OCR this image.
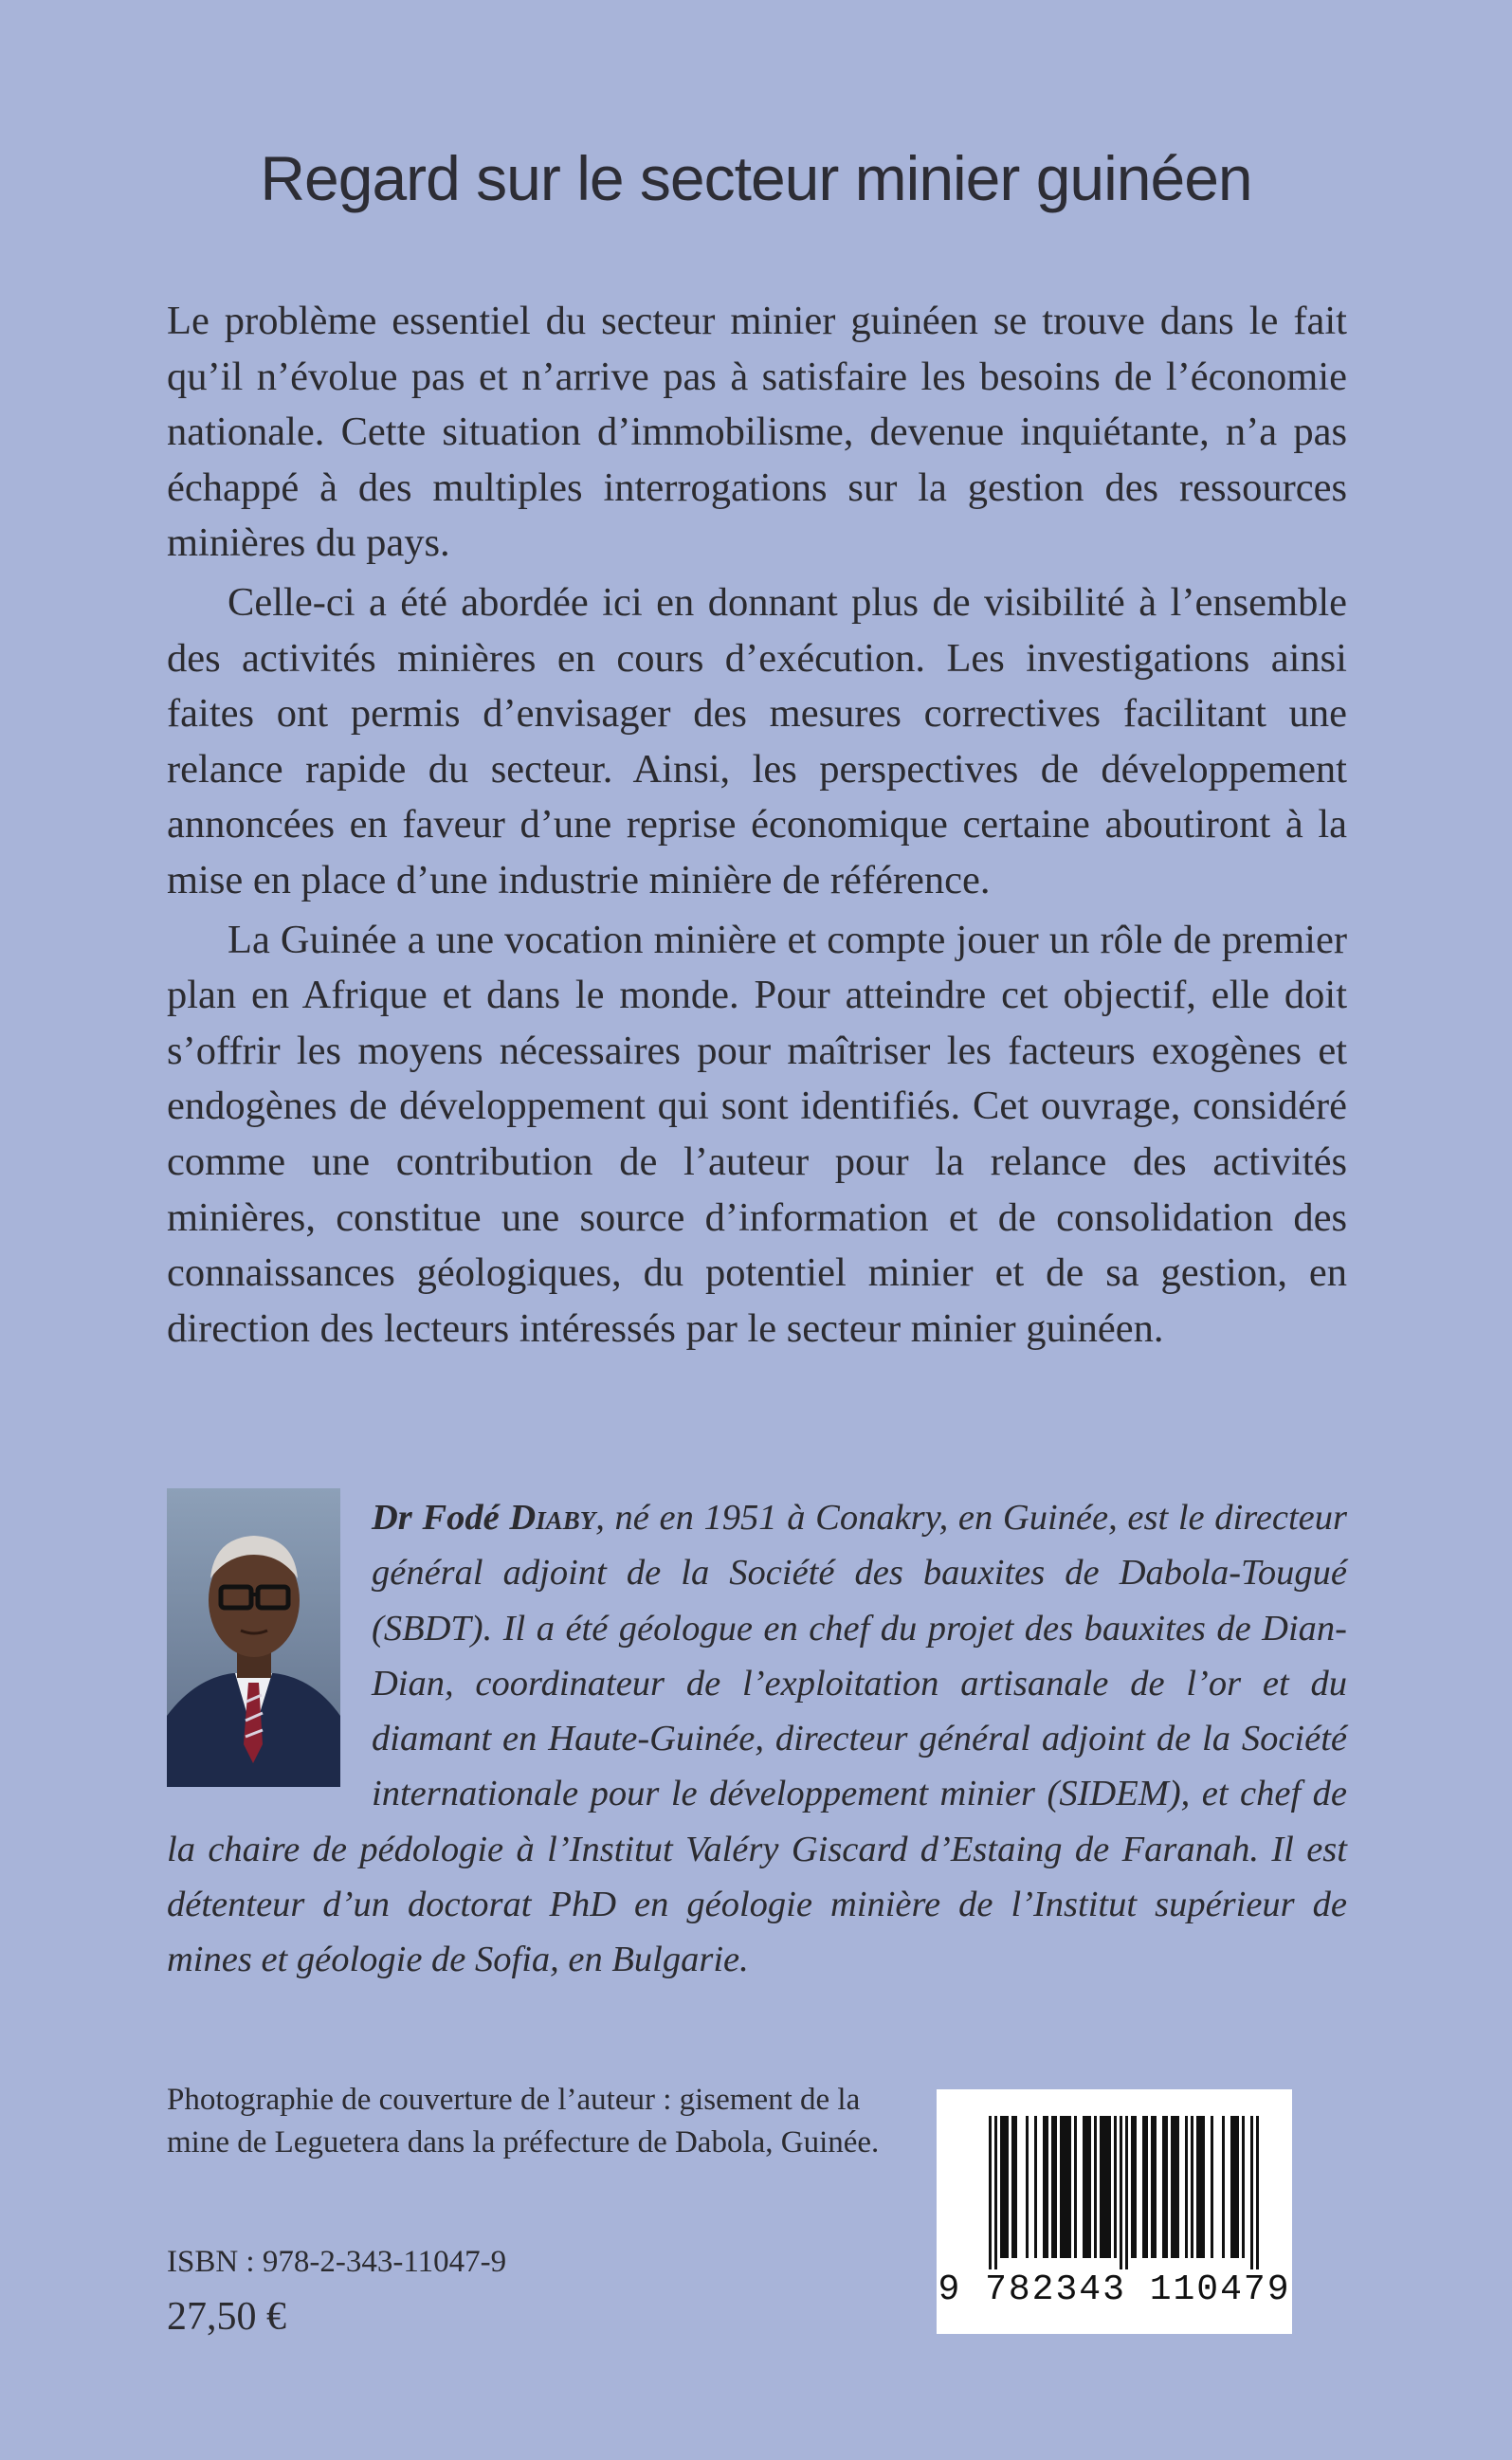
Regard sur le secteur minier guinéen

Le problème essentiel du secteur minier guinéen se trouve dans le fait qu’il n’évolue pas et n’arrive pas à satisfaire les besoins de l’économie nationale. Cette situation d’immobilisme, devenue inquiétante, n’a pas échappé à des multiples interrogations sur la gestion des ressources minières du pays.

Celle-ci a été abordée ici en donnant plus de visibilité à l’ensemble des activités minières en cours d’exécution. Les investigations ainsi faites ont permis d’envisager des mesures correctives facilitant une relance rapide du secteur. Ainsi, les perspectives de développement annoncées en faveur d’une reprise économique certaine aboutiront à la mise en place d’une industrie minière de référence.

La Guinée a une vocation minière et compte jouer un rôle de premier plan en Afrique et dans le monde. Pour atteindre cet objectif, elle doit s’offrir les moyens nécessaires pour maîtriser les facteurs exogènes et endogènes de développement qui sont identifiés. Cet ouvrage, considéré comme une contribution de l’auteur pour la relance des activités minières, constitue une source d’information et de consolidation des connaissances géologiques, du potentiel minier et de sa gestion, en direction des lecteurs intéressés par le secteur minier guinéen.

Dr Fodé Diaby, né en 1951 à Conakry, en Guinée, est le directeur général adjoint de la Société des bauxites de Dabola-Tougué (SBDT). Il a été géologue en chef du projet des bauxites de Dian-Dian, coordinateur de l’exploitation artisanale de l’or et du diamant en Haute-Guinée, directeur général adjoint de la Société internationale pour le développement minier (SIDEM), et chef de la chaire de pédologie à l’Institut Valéry Giscard d’Estaing de Faranah. Il est détenteur d’un doctorat PhD en géologie minière de l’Institut supérieur de mines et géologie de Sofia, en Bulgarie.
Photographie de couverture de l’auteur : gisement de la mine de Leguetera dans la préfecture de Dabola, Guinée.
ISBN : 978-2-343-11047-9
27,50 €
9 782343 110479
